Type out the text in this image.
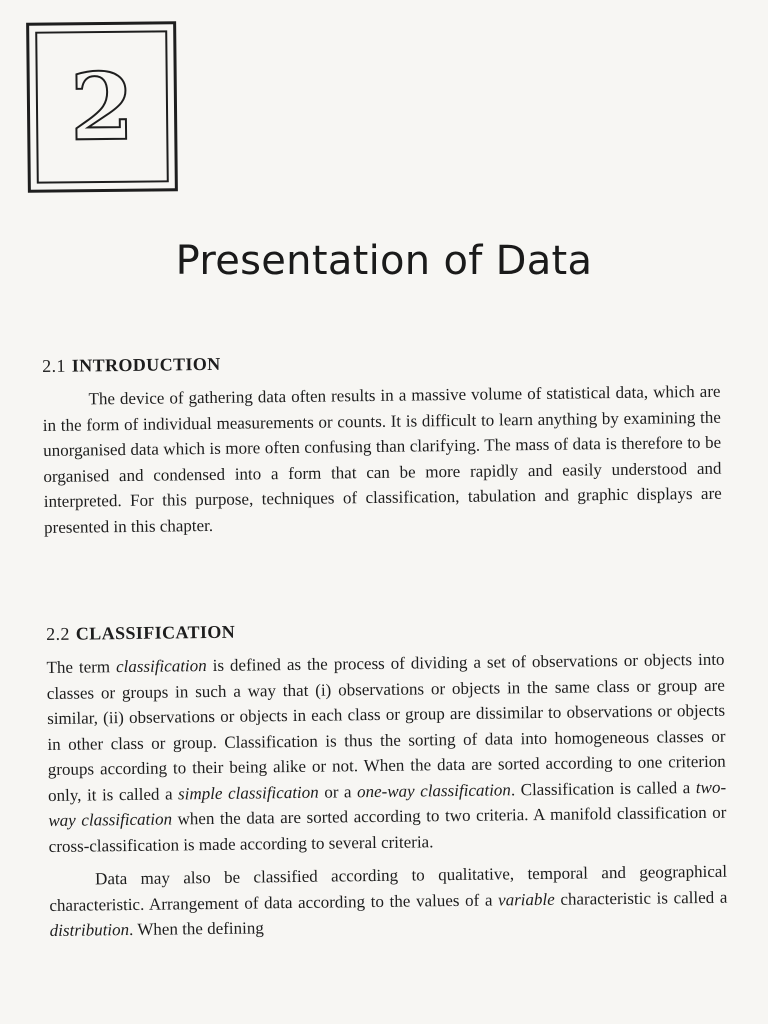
2
Presentation of Data
2.1 INTRODUCTION

The device of gathering data often results in a massive volume of statistical data, which are in the form of individual measurements or counts. It is difficult to learn anything by examining the unorganised data which is more often confusing than clarifying. The mass of data is therefore to be organised and condensed into a form that can be more rapidly and easily understood and interpreted. For this purpose, techniques of classification, tabulation and graphic displays are presented in this chapter.

2.2 CLASSIFICATION

The term classification is defined as the process of dividing a set of observations or objects into classes or groups in such a way that (i) observations or objects in the same class or group are similar, (ii) observations or objects in each class or group are dissimilar to observations or objects in other class or group. Classification is thus the sorting of data into homogeneous classes or groups according to their being alike or not. When the data are sorted according to one criterion only, it is called a simple classification or a one-way classification. Classification is called a two-way classification when the data are sorted according to two criteria. A manifold classification or cross-classification is made according to several criteria.

Data may also be classified according to qualitative, temporal and geographical characteristic. Arrangement of data according to the values of a variable characteristic is called a distribution. When the defining
